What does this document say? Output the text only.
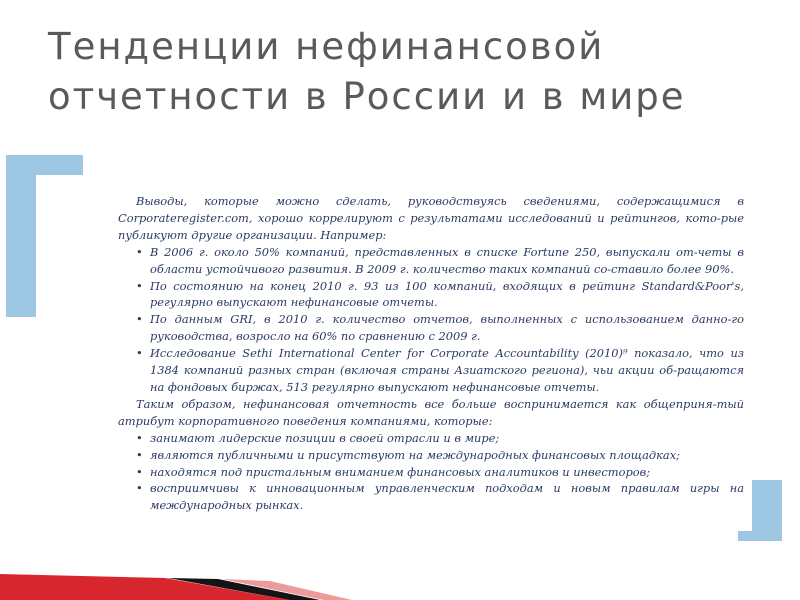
Тенденции нефинансовой
отчетности в России и в мире

Выводы, которые можно сделать, руководствуясь сведениями, содержащимися в Corporateregister.com, хорошо коррелируют с результатами исследований и рейтингов, кото-рые публикуют другие организации. Например:

• В 2006 г. около 50% компаний, представленных в списке Fortune 250, выпускали от-четы в области устойчивого развития. В 2009 г. количество таких компаний со-ставило более 90%.
• По состоянию на конец 2010 г. 93 из 100 компаний, входящих в рейтинг Standard&Poor's, регулярно выпускают нефинансовые отчеты.
• По данным GRI, в 2010 г. количество отчетов, выполненных с использованием данно-го руководства, возросло на 60% по сравнению с 2009 г.
• Исследование Sethi International Center for Corporate Accountability (2010)⁹ показало, что из 1384 компаний разных стран (включая страны Азиатского региона), чьи акции об-ращаются на фондовых биржах, 513 регулярно выпускают нефинансовые отчеты.

Таким образом, нефинансовая отчетность все больше воспринимается как общеприня-тый атрибут корпоративного поведения компаниями, которые:

• занимают лидерские позиции в своей отрасли и в мире;
• являются публичными и присутствуют на международных финансовых площадках;
• находятся под пристальным вниманием финансовых аналитиков и инвесторов;
• восприимчивы к инновационным управленческим подходам и новым правилам игры на международных рынках.
